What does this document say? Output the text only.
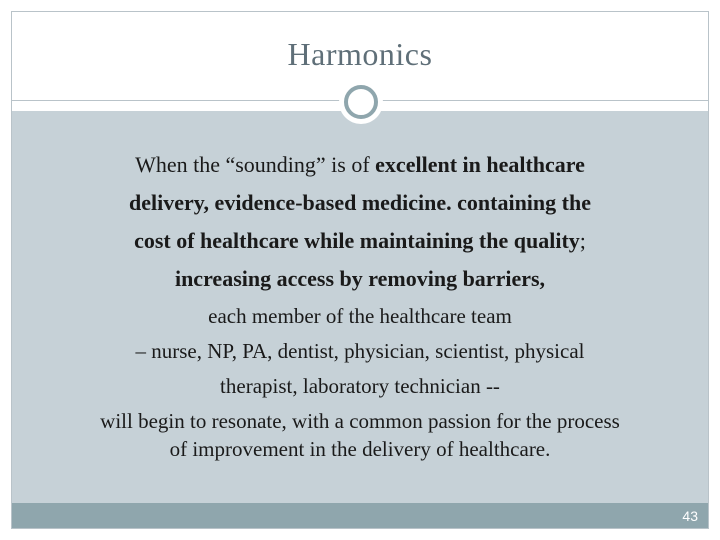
Harmonics
When the “sounding” is of excellent in healthcare
delivery, evidence-based medicine. containing the
cost of healthcare while maintaining the quality;
increasing access by removing barriers,
each member of the healthcare team
– nurse, NP, PA, dentist, physician, scientist, physical
therapist, laboratory technician --
will begin to resonate, with a common passion for the process
of improvement in the delivery of healthcare.
43
